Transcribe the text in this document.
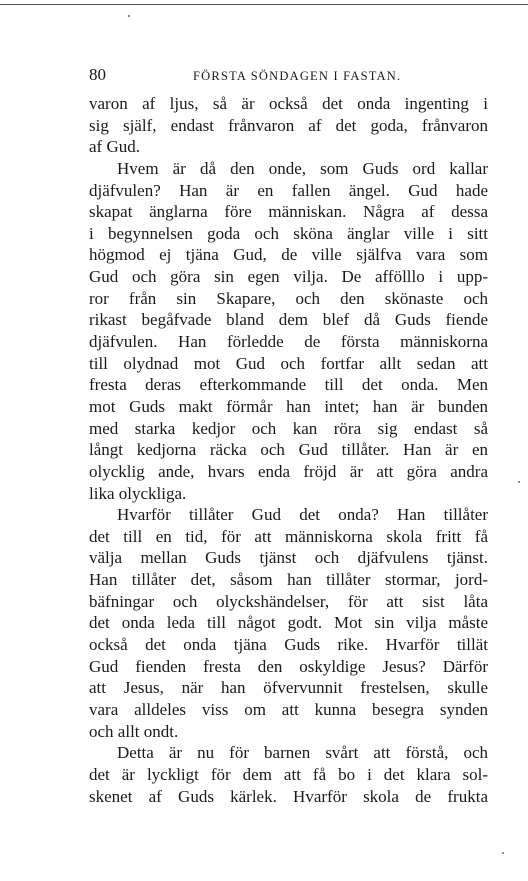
80	FÖRSTA SÖNDAGEN I FASTAN.
varon af ljus, så är också det onda ingenting i
sig själf, endast frånvaron af det goda, frånvaron
af Gud.
Hvem är då den onde, som Guds ord kallar
djäfvulen? Han är en fallen ängel. Gud hade
skapat änglarna före människan. Några af dessa
i begynnelsen goda och sköna änglar ville i sitt
högmod ej tjäna Gud, de ville själfva vara som
Gud och göra sin egen vilja. De affölllo i upp-
ror från sin Skapare, och den skönaste och
rikast begåfvade bland dem blef då Guds fiende
djäfvulen. Han förledde de första människorna
till olydnad mot Gud och fortfar allt sedan att
fresta deras efterkommande till det onda. Men
mot Guds makt förmår han intet; han är bunden
med starka kedjor och kan röra sig endast så
långt kedjorna räcka och Gud tillåter. Han är en
olycklig ande, hvars enda fröjd är att göra andra
lika olyckliga.
Hvarför tillåter Gud det onda? Han tillåter
det till en tid, för att människorna skola fritt få
välja mellan Guds tjänst och djäfvulens tjänst.
Han tillåter det, såsom han tillåter stormar, jord-
bäfningar och olyckshändelser, för att sist låta
det onda leda till något godt. Mot sin vilja måste
också det onda tjäna Guds rike. Hvarför tillät
Gud fienden fresta den oskyldige Jesus? Därför
att Jesus, när han öfvervunnit frestelsen, skulle
vara alldeles viss om att kunna besegra synden
och allt ondt.
Detta är nu för barnen svårt att förstå, och
det är lyckligt för dem att få bo i det klara sol-
skenet af Guds kärlek. Hvarför skola de frukta
